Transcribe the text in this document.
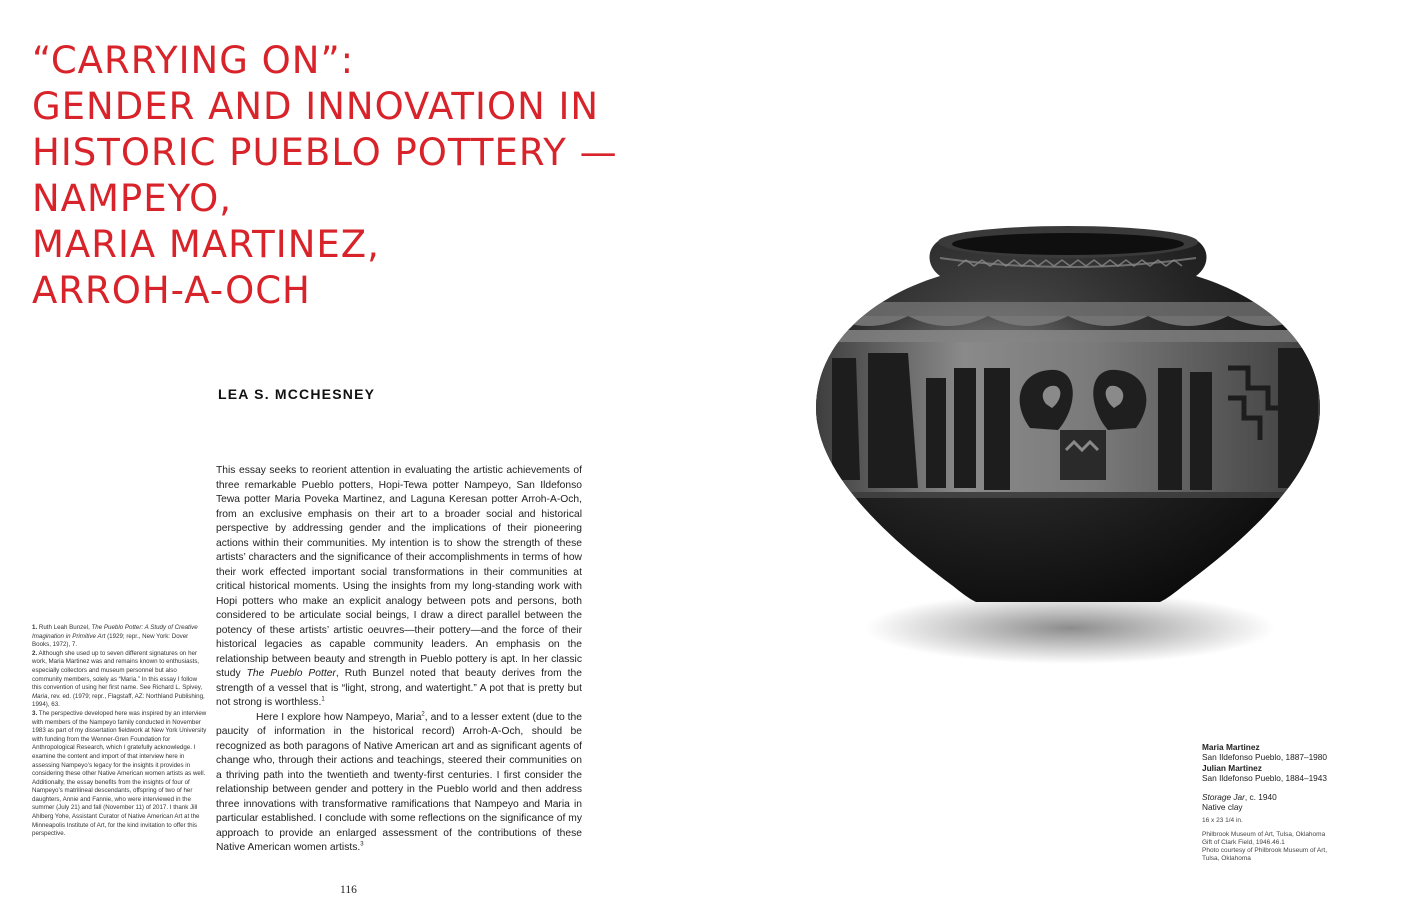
“CARRYING ON”:
GENDER AND INNOVATION IN
HISTORIC PUEBLO POTTERY —
NAMPEYO,
MARIA MARTINEZ,
ARROH-A-OCH
LEA S. MCCHESNEY

This essay seeks to reorient attention in evaluating the artistic achievements of three remarkable Pueblo potters, Hopi-Tewa potter Nampeyo, San Ildefonso Tewa potter Maria Poveka Martinez, and Laguna Keresan potter Arroh-A-Och, from an exclusive emphasis on their art to a broader social and historical perspective by addressing gender and the implications of their pioneering actions within their communities. My intention is to show the strength of these artists’ characters and the significance of their accomplishments in terms of how their work effected important social transformations in their communities at critical historical moments. Using the insights from my long-standing work with Hopi potters who make an explicit analogy between pots and persons, both considered to be articulate social beings, I draw a direct parallel between the potency of these artists’ artistic oeuvres—their pottery—and the force of their historical legacies as capable community leaders. An emphasis on the relationship between beauty and strength in Pueblo pottery is apt. In her classic study The Pueblo Potter, Ruth Bunzel noted that beauty derives from the strength of a vessel that is “light, strong, and watertight.” A pot that is pretty but not strong is worthless.$^1$

Here I explore how Nampeyo, Maria$^2$, and to a lesser extent (due to the paucity of information in the historical record) Arroh-A-Och, should be recognized as both paragons of Native American art and as significant agents of change who, through their actions and teachings, steered their communities on a thriving path into the twentieth and twenty-first centuries. I first consider the relationship between gender and pottery in the Pueblo world and then address three innovations with transformative ramifications that Nampeyo and Maria in particular established. I conclude with some reflections on the significance of my approach to provide an enlarged assessment of the contributions of these Native American women artists.$^3$

1. Ruth Leah Bunzel, The Pueblo Potter: A Study of Creative Imagination in Primitive Art (1929; repr., New York: Dover Books, 1972), 7.

2. Although she used up to seven different signatures on her work, Maria Martinez was and remains known to enthusiasts, especially collectors and museum personnel but also community members, solely as “Maria.” In this essay I follow this convention of using her first name. See Richard L. Spivey, Maria, rev. ed. (1979; repr., Flagstaff, AZ: Northland Publishing, 1994), 63.

3. The perspective developed here was inspired by an interview with members of the Nampeyo family conducted in November 1983 as part of my dissertation fieldwork at New York University with funding from the Wenner-Gren Foundation for Anthropological Research, which I gratefully acknowledge. I examine the content and import of that interview here in assessing Nampeyo’s legacy for the insights it provides in considering these other Native American women artists as well. Additionally, the essay benefits from the insights of four of Nampeyo’s matrilineal descendants, offspring of two of her daughters, Annie and Fannie, who were interviewed in the summer (July 21) and fall (November 11) of 2017. I thank Jill Ahlberg Yohe, Assistant Curator of Native American Art at the Minneapolis Institute of Art, for the kind invitation to offer this perspective.

116
Maria Martinez
San Ildefonso Pueblo, 1887–1980
Julian Martinez
San Ildefonso Pueblo, 1884–1943
Storage Jar, c. 1940
Native clay
16 x 23 1/4 in.
Philbrook Museum of Art, Tulsa, Oklahoma
Gift of Clark Field, 1946.46.1
Photo courtesy of Philbrook Museum of Art,
Tulsa, Oklahoma
